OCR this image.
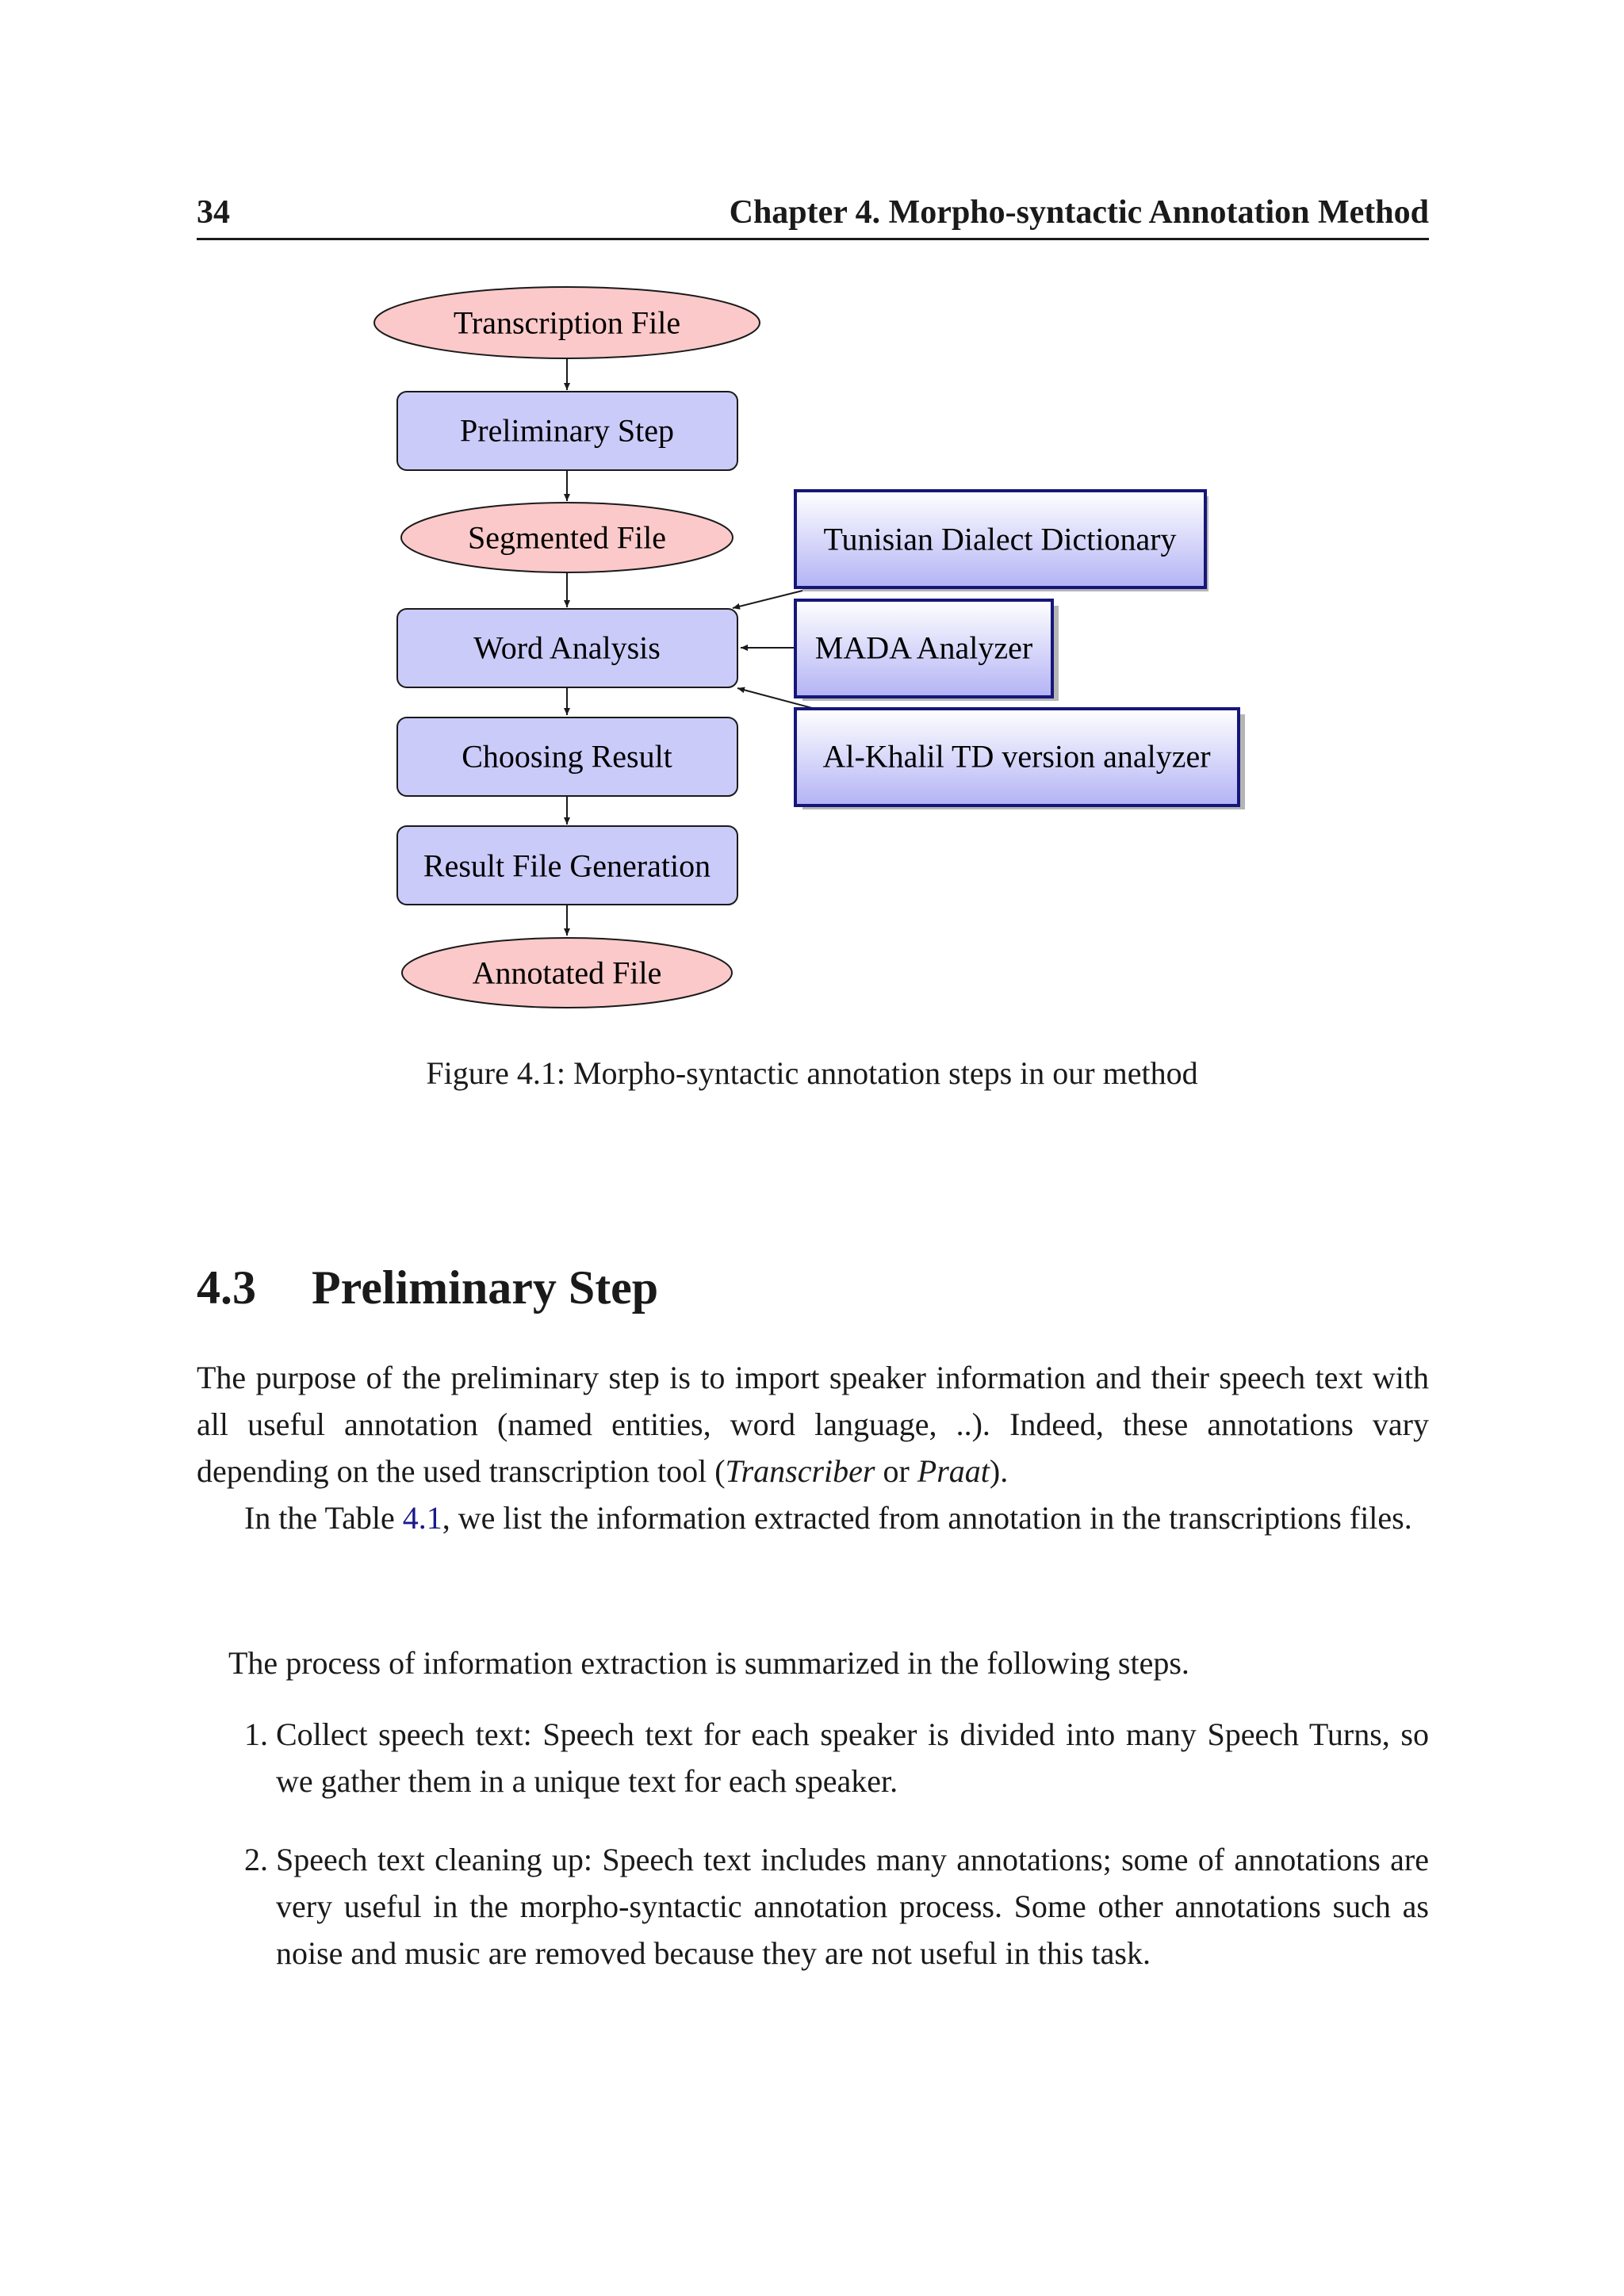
34	Chapter 4. Morpho-syntactic Annotation Method
Transcription File
Segmented File
Annotated File
Preliminary Step
Word Analysis
Choosing Result
Result File Generation
Tunisian Dialect Dictionary
MADA Analyzer
Al-Khalil TD version analyzer
Figure 4.1: Morpho-syntactic annotation steps in our method
4.3 Preliminary Step

The purpose of the preliminary step is to import speaker information and their speech text with all useful annotation (named entities, word language, ..). Indeed, these annotations vary depending on the used transcription tool (Transcriber or Praat).

In the Table 4.1, we list the information extracted from annotation in the transcriptions files.

The process of information extraction is summarized in the following steps.

1. Collect speech text: Speech text for each speaker is divided into many Speech Turns, so we gather them in a unique text for each speaker.
2. Speech text cleaning up: Speech text includes many annotations; some of annotations are very useful in the morpho-syntactic annotation process. Some other annotations such as noise and music are removed because they are not useful in this task.
